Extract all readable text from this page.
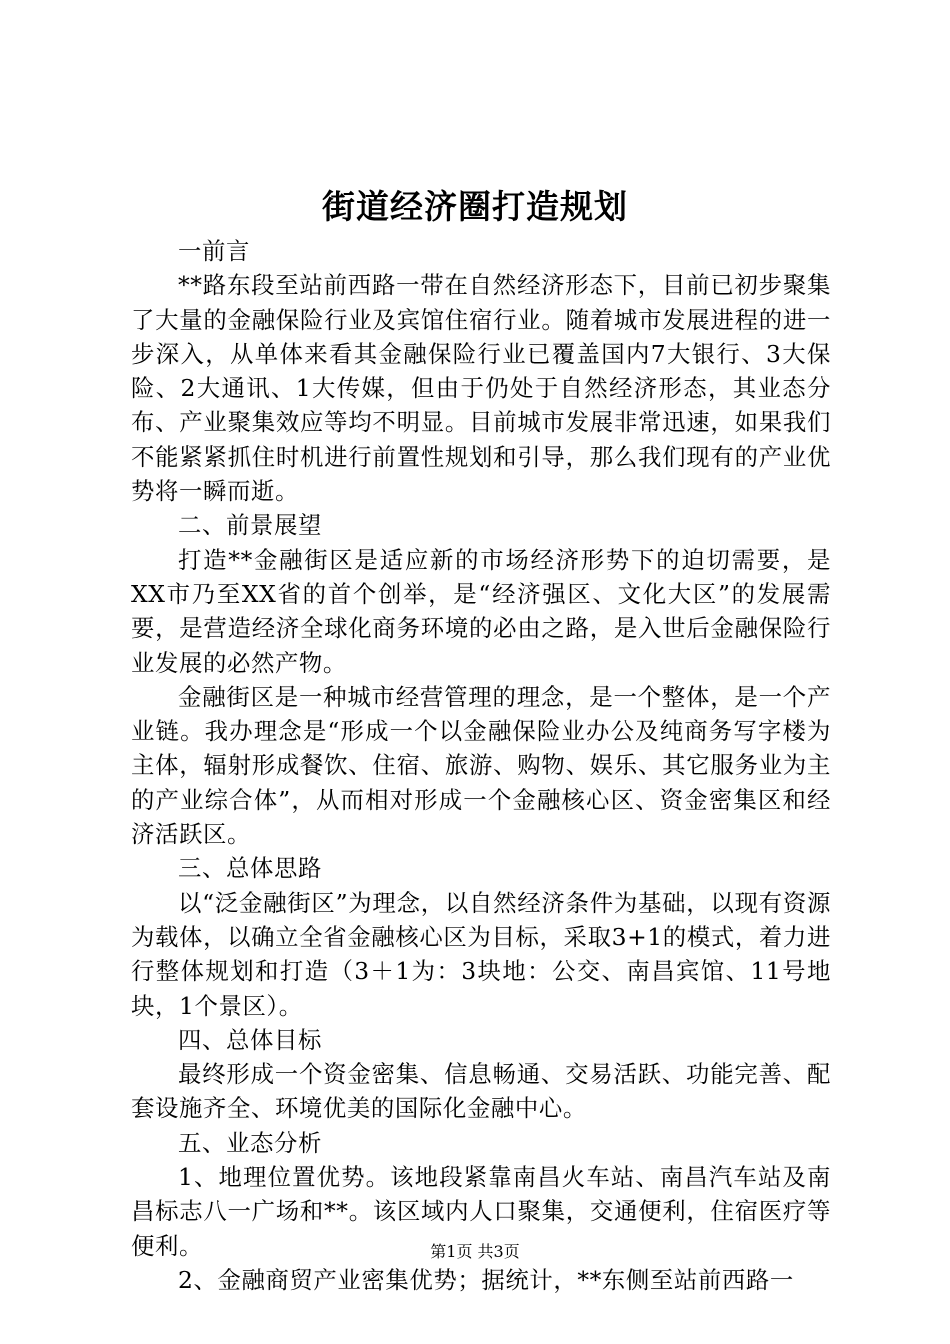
街道经济圈打造规划

一前言

**路东段至站前西路一带在自然经济形态下，目前已初步聚集了大量的金融保险行业及宾馆住宿行业。随着城市发展进程的进一步深入，从单体来看其金融保险行业已覆盖国内7大银行、3大保险、2大通讯、1大传媒，但由于仍处于自然经济形态，其业态分布、产业聚集效应等均不明显。目前城市发展非常迅速，如果我们不能紧紧抓住时机进行前置性规划和引导，那么我们现有的产业优势将一瞬而逝。

二、前景展望

打造**金融街区是适应新的市场经济形势下的迫切需要，是XX市乃至XX省的首个创举，是“经济强区、文化大区”的发展需要，是营造经济全球化商务环境的必由之路，是入世后金融保险行业发展的必然产物。

金融街区是一种城市经营管理的理念，是一个整体，是一个产业链。我办理念是“形成一个以金融保险业办公及纯商务写字楼为主体，辐射形成餐饮、住宿、旅游、购物、娱乐、其它服务业为主的产业综合体”，从而相对形成一个金融核心区、资金密集区和经济活跃区。

三、总体思路

以“泛金融街区”为理念，以自然经济条件为基础，以现有资源为载体，以确立全省金融核心区为目标，采取3+1的模式，着力进行整体规划和打造（3＋1为：3块地：公交、南昌宾馆、11号地块，1个景区）。

四、总体目标

最终形成一个资金密集、信息畅通、交易活跃、功能完善、配套设施齐全、环境优美的国际化金融中心。

五、业态分析

1、地理位置优势。该地段紧靠南昌火车站、南昌汽车站及南昌标志八一广场和**。该区域内人口聚集，交通便利，住宿医疗等便利。

2、金融商贸产业密集优势；据统计，**东侧至站前西路一

第1页 共3页
